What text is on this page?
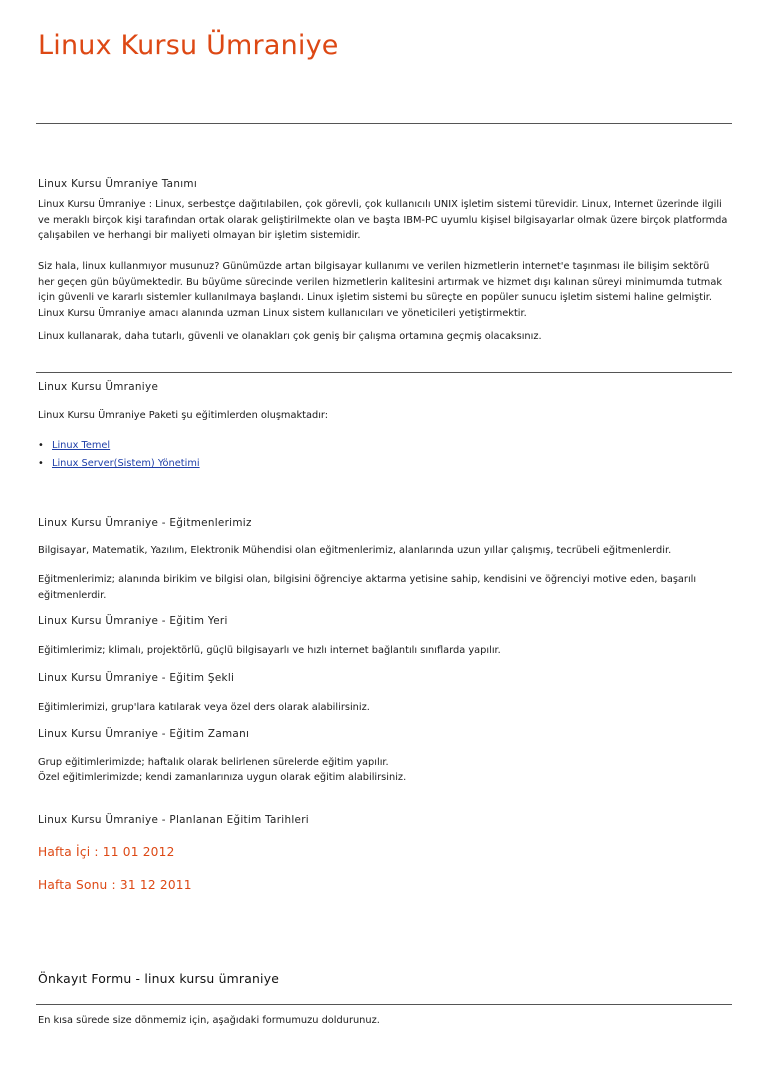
Linux Kursu Ümraniye
Linux Kursu Ümraniye Tanımı
Linux Kursu Ümraniye : Linux, serbestçe dağıtılabilen, çok görevli, çok kullanıcılı UNIX işletim sistemi türevidir. Linux, Internet üzerinde ilgili ve meraklı birçok kişi tarafından ortak olarak geliştirilmekte olan ve başta IBM-PC uyumlu kişisel bilgisayarlar olmak üzere birçok platformda çalışabilen ve herhangi bir maliyeti olmayan bir işletim sistemidir.
Siz hala, linux kullanmıyor musunuz? Günümüzde artan bilgisayar kullanımı ve verilen hizmetlerin internet'e taşınması ile bilişim sektörü her geçen gün büyümektedir. Bu büyüme sürecinde verilen hizmetlerin kalitesini artırmak ve hizmet dışı kalınan süreyi minimumda tutmak için güvenli ve kararlı sistemler kullanılmaya başlandı. Linux işletim sistemi bu süreçte en popüler sunucu işletim sistemi haline gelmiştir. Linux Kursu Ümraniye amacı alanında uzman Linux sistem kullanıcıları ve yöneticileri yetiştirmektir.
Linux kullanarak, daha tutarlı, güvenli ve olanakları çok geniş bir çalışma ortamına geçmiş olacaksınız.
Linux Kursu Ümraniye
Linux Kursu Ümraniye Paketi şu eğitimlerden oluşmaktadır:
• Linux Temel
• Linux Server(Sistem) Yönetimi
Linux Kursu Ümraniye - Eğitmenlerimiz
Bilgisayar, Matematik, Yazılım, Elektronik Mühendisi olan eğitmenlerimiz, alanlarında uzun yıllar çalışmış, tecrübeli eğitmenlerdir.
Eğitmenlerimiz; alanında birikim ve bilgisi olan, bilgisini öğrenciye aktarma yetisine sahip, kendisini ve öğrenciyi motive eden, başarılı eğitmenlerdir.
Linux Kursu Ümraniye - Eğitim Yeri
Eğitimlerimiz; klimalı, projektörlü, güçlü bilgisayarlı ve hızlı internet bağlantılı sınıflarda yapılır.
Linux Kursu Ümraniye - Eğitim Şekli
Eğitimlerimizi, grup'lara katılarak veya özel ders olarak alabilirsiniz.
Linux Kursu Ümraniye - Eğitim Zamanı
Grup eğitimlerimizde; haftalık olarak belirlenen sürelerde eğitim yapılır.
Özel eğitimlerimizde; kendi zamanlarınıza uygun olarak eğitim alabilirsiniz.
Linux Kursu Ümraniye - Planlanan Eğitim Tarihleri
Hafta İçi : 11 01 2012
Hafta Sonu : 31 12 2011
Önkayıt Formu - linux kursu ümraniye
En kısa sürede size dönmemiz için, aşağıdaki formumuzu doldurunuz.
